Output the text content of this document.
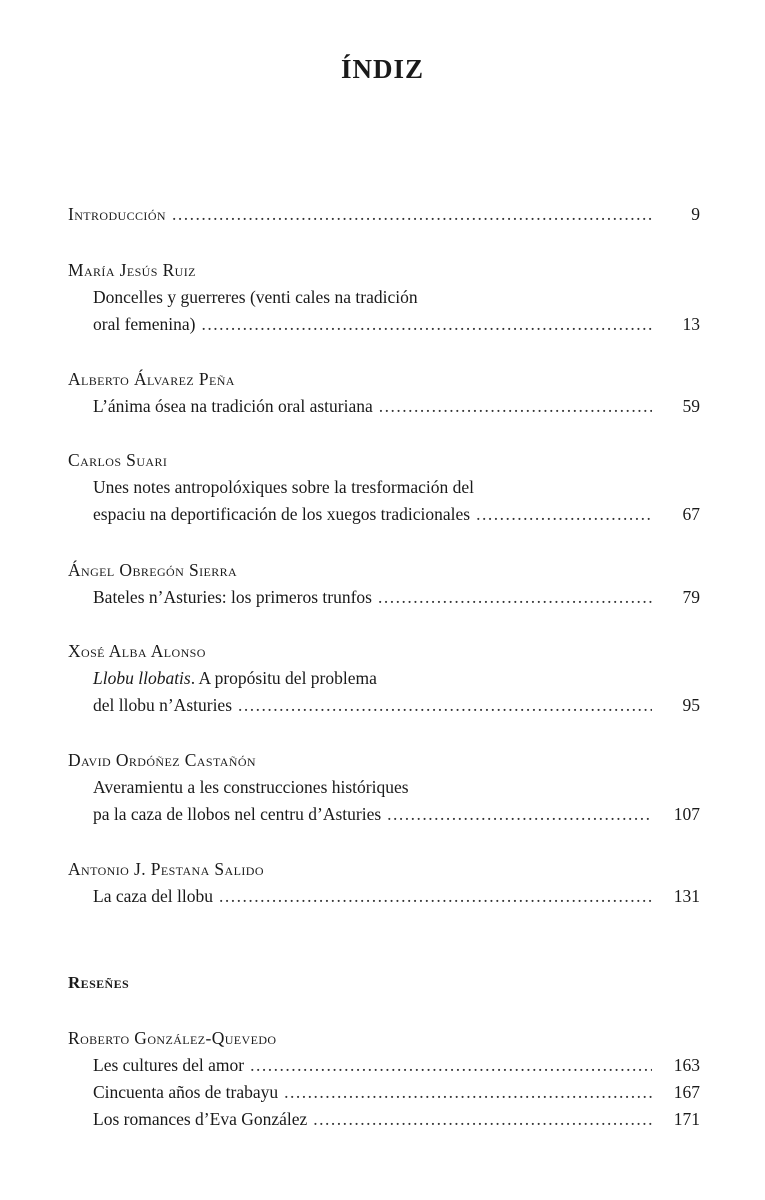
ÍNDIZ
Introducción .....	9
María Jesús Ruiz
Doncelles y guerreres (venti cales na tradición
oral femenina) .....	13
Alberto Álvarez Peña
L’ánima ósea na tradición oral asturiana .....	59
Carlos Suari
Unes notes antropolóxiques sobre la tresformación del
espaciu na deportificación de los xuegos tradicionales .....	67
Ángel Obregón Sierra
Bateles n’Asturies: los primeros trunfos .....	79
Xosé Alba Alonso
Llobu llobatis. A propósitu del problema
del llobu n’Asturies .....	95
David Ordóñez Castañón
Averamientu a les construcciones históriques
pa la caza de llobos nel centru d’Asturies .....	107
Antonio J. Pestana Salido
La caza del llobu .....	131
Reseñes
Roberto González-Quevedo
Les cultures del amor .....	163
Cincuenta años de trabayu .....	167
Los romances d’Eva González .....	171
